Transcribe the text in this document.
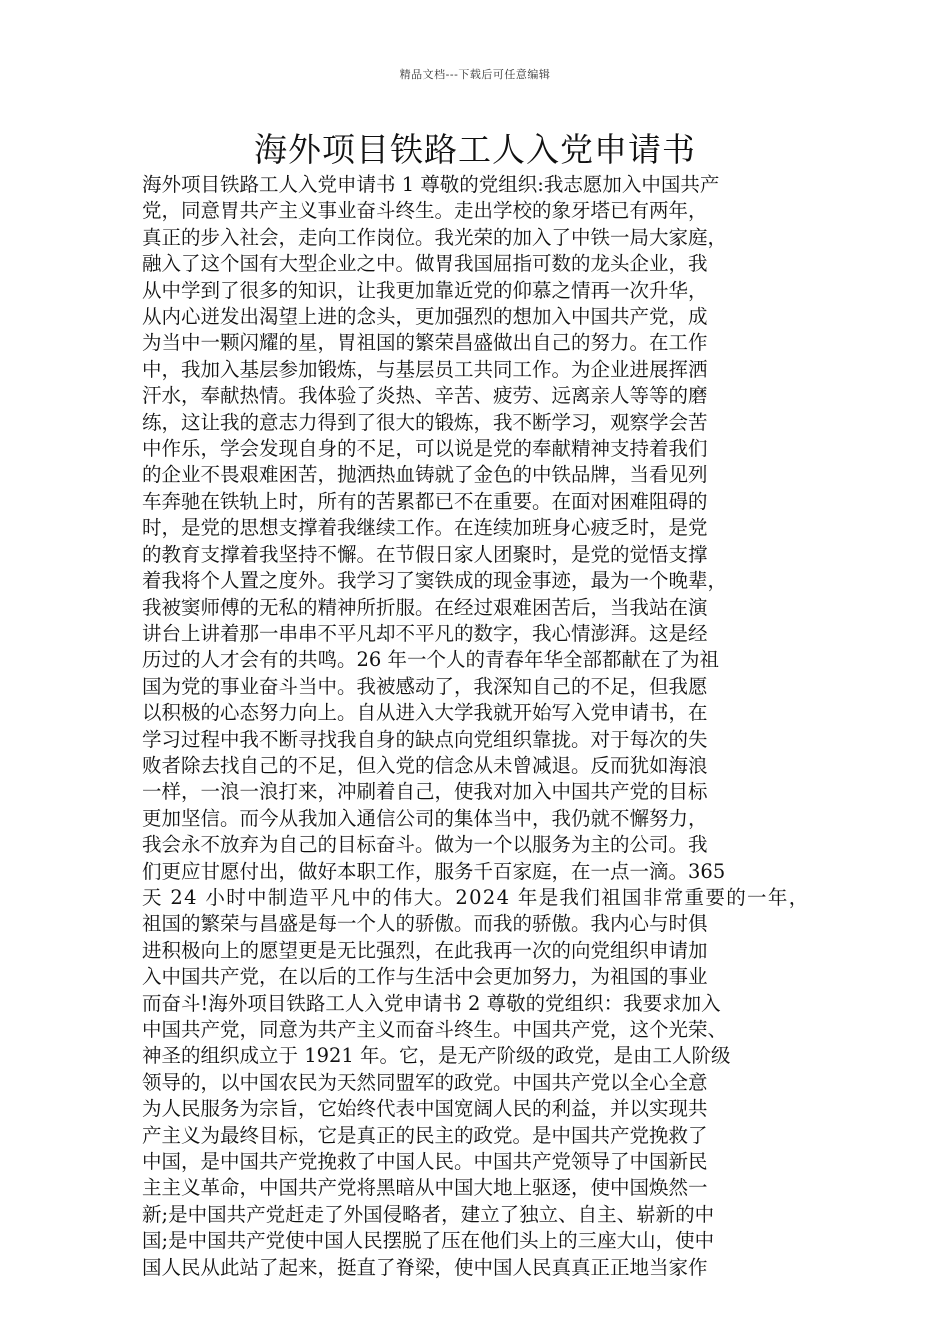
精品文档---下载后可任意编辑
海外项目铁路工人入党申请书
海外项目铁路工人入党申请书 1 尊敬的党组织:我志愿加入中国共产
党，同意胃共产主义事业奋斗终生。走出学校的象牙塔已有两年，
真正的步入社会，走向工作岗位。我光荣的加入了中铁一局大家庭，
融入了这个国有大型企业之中。做胃我国屈指可数的龙头企业，我
从中学到了很多的知识，让我更加靠近党的仰慕之情再一次升华，
从内心迸发出渴望上进的念头，更加强烈的想加入中国共产党，成
为当中一颗闪耀的星，胃祖国的繁荣昌盛做出自己的努力。在工作
中，我加入基层参加锻炼，与基层员工共同工作。为企业进展挥洒
汗水，奉献热情。我体验了炎热、辛苦、疲劳、远离亲人等等的磨
练，这让我的意志力得到了很大的锻炼，我不断学习，观察学会苦
中作乐，学会发现自身的不足，可以说是党的奉献精神支持着我们
的企业不畏艰难困苦，抛洒热血铸就了金色的中铁品牌，当看见列
车奔驰在铁轨上时，所有的苦累都已不在重要。在面对困难阻碍的
时，是党的思想支撑着我继续工作。在连续加班身心疲乏时，是党
的教育支撑着我坚持不懈。在节假日家人团聚时，是党的觉悟支撑
着我将个人置之度外。我学习了窦铁成的现金事迹，最为一个晚辈，
我被窦师傅的无私的精神所折服。在经过艰难困苦后，当我站在演
讲台上讲着那一串串不平凡却不平凡的数字，我心情澎湃。这是经
历过的人才会有的共鸣。26 年一个人的青春年华全部都献在了为祖
国为党的事业奋斗当中。我被感动了，我深知自己的不足，但我愿
以积极的心态努力向上。自从进入大学我就开始写入党申请书，在
学习过程中我不断寻找我自身的缺点向党组织靠拢。对于每次的失
败者除去找自己的不足，但入党的信念从未曾减退。反而犹如海浪
一样，一浪一浪打来，冲刷着自己，使我对加入中国共产党的目标
更加坚信。而今从我加入通信公司的集体当中，我仍就不懈努力，
我会永不放弃为自己的目标奋斗。做为一个以服务为主的公司。我
们更应甘愿付出，做好本职工作，服务千百家庭，在一点一滴。365
天 24 小时中制造平凡中的伟大。2024 年是我们祖国非常重要的一年，
祖国的繁荣与昌盛是每一个人的骄傲。而我的骄傲。我内心与时俱
进积极向上的愿望更是无比强烈，在此我再一次的向党组织申请加
入中国共产党，在以后的工作与生活中会更加努力，为祖国的事业
而奋斗!海外项目铁路工人入党申请书 2 尊敬的党组织：我要求加入
中国共产党，同意为共产主义而奋斗终生。中国共产党，这个光荣、
神圣的组织成立于 1921 年。它，是无产阶级的政党，是由工人阶级
领导的，以中国农民为天然同盟军的政党。中国共产党以全心全意
为人民服务为宗旨，它始终代表中国宽阔人民的利益，并以实现共
产主义为最终目标，它是真正的民主的政党。是中国共产党挽救了
中国，是中国共产党挽救了中国人民。中国共产党领导了中国新民
主主义革命，中国共产党将黑暗从中国大地上驱逐，使中国焕然一
新;是中国共产党赶走了外国侵略者，建立了独立、自主、崭新的中
国;是中国共产党使中国人民摆脱了压在他们头上的三座大山，使中
国人民从此站了起来，挺直了脊梁，使中国人民真真正正地当家作
